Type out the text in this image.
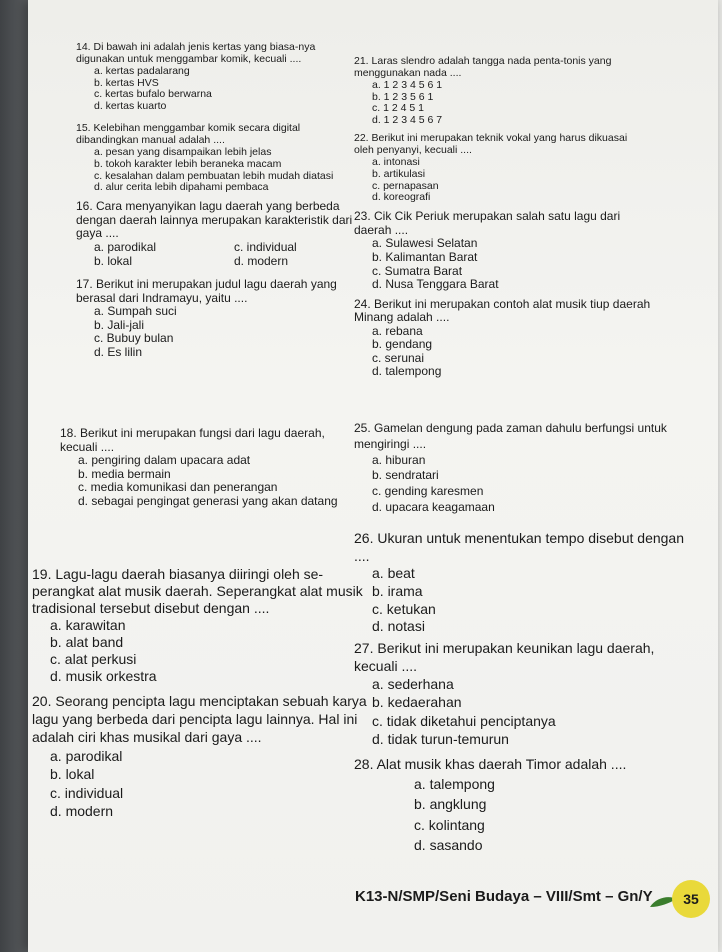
14. Di bawah ini adalah jenis kertas yang biasa-nya digunakan untuk menggambar komik, kecuali ....
a. kertas padalarang
b. kertas HVS
c. kertas bufalo berwarna
d. kertas kuarto
15. Kelebihan menggambar komik secara digital dibandingkan manual adalah ....
a. pesan yang disampaikan lebih jelas
b. tokoh karakter lebih beraneka macam
c. kesalahan dalam pembuatan lebih mudah diatasi
d. alur cerita lebih dipahami pembaca
16. Cara menyanyikan lagu daerah yang berbeda dengan daerah lainnya merupakan karakteristik dari gaya ....
a. parodikal	c. individual
b. lokal	d. modern
17. Berikut ini merupakan judul lagu daerah yang berasal dari Indramayu, yaitu ....
a. Sumpah suci
b. Jali-jali
c. Bubuy bulan
d. Es lilin
18. Berikut ini merupakan fungsi dari lagu daerah, kecuali ....
a. pengiring dalam upacara adat
b. media bermain
c. media komunikasi dan penerangan
d. sebagai pengingat generasi yang akan datang
19. Lagu-lagu daerah biasanya diiringi oleh se-perangkat alat musik daerah. Seperangkat alat musik tradisional tersebut disebut dengan ....
a. karawitan
b. alat band
c. alat perkusi
d. musik orkestra
20. Seorang pencipta lagu menciptakan sebuah karya lagu yang berbeda dari pencipta lagu lainnya. Hal ini adalah ciri khas musikal dari gaya ....
a. parodikal
b. lokal
c. individual
d. modern
21. Laras slendro adalah tangga nada penta-tonis yang menggunakan nada ....
a. 1 2 3 4 5 6 1
b. 1 2 3 5 6 1
c. 1 2 4 5 1
d. 1 2 3 4 5 6 7
22. Berikut ini merupakan teknik vokal yang harus dikuasai oleh penyanyi, kecuali ....
a. intonasi
b. artikulasi
c. pernapasan
d. koreografi
23. Cik Cik Periuk merupakan salah satu lagu dari daerah ....
a. Sulawesi Selatan
b. Kalimantan Barat
c. Sumatra Barat
d. Nusa Tenggara Barat
24. Berikut ini merupakan contoh alat musik tiup daerah Minang adalah ....
a. rebana
b. gendang
c. serunai
d. talempong
25. Gamelan dengung pada zaman dahulu berfungsi untuk mengiringi ....
a. hiburan
b. sendratari
c. gending karesmen
d. upacara keagamaan
26. Ukuran untuk menentukan tempo disebut dengan ....
a. beat
b. irama
c. ketukan
d. notasi
27. Berikut ini merupakan keunikan lagu daerah, kecuali ....
a. sederhana
b. kedaerahan
c. tidak diketahui penciptanya
d. tidak turun-temurun
28. Alat musik khas daerah Timor adalah ....
a. talempong
b. angklung
c. kolintang
d. sasando
K13-N/SMP/Seni Budaya – VIII/Smt – Gn/Y	35
